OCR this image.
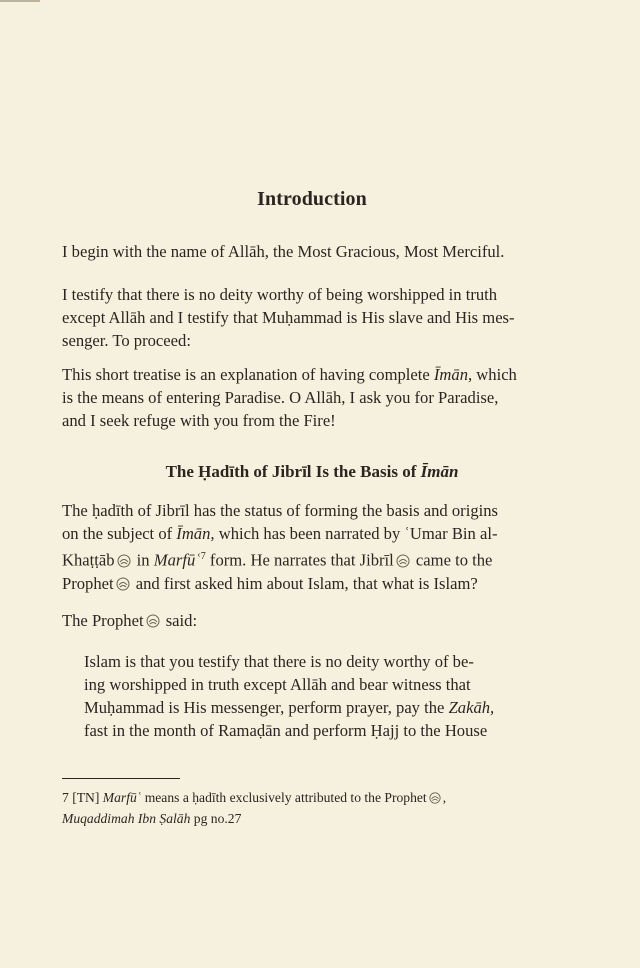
Introduction

I begin with the name of Allāh, the Most Gracious, Most Merciful.

I testify that there is no deity worthy of being worshipped in truth
except Allāh and I testify that Muḥammad is His slave and His mes-
senger. To proceed:

This short treatise is an explanation of having complete Īmān, which
is the means of entering Paradise. O Allāh, I ask you for Paradise,
and I seek refuge with you from the Fire!

The Ḥadīth of Jibrīl Is the Basis of Īmān

The ḥadīth of Jibrīl has the status of forming the basis and origins
on the subject of Īmān, which has been narrated by ʿUmar Bin al-
Khaṭṭāb
in Marfūʿ$^7$ form. He narrates that Jibrīl
came to the
Prophet
and first asked him about Islam, that what is Islam?

The Prophet
said:

Islam is that you testify that there is no deity worthy of be-
ing worshipped in truth except Allāh and bear witness that
Muḥammad is His messenger, perform prayer, pay the Zakāh,
fast in the month of Ramaḍān and perform Ḥajj to the House
7 [TN] Marfūʿ means a ḥadīth exclusively attributed to the Prophet ,
Muqaddimah Ibn Ṣalāh pg no.27
